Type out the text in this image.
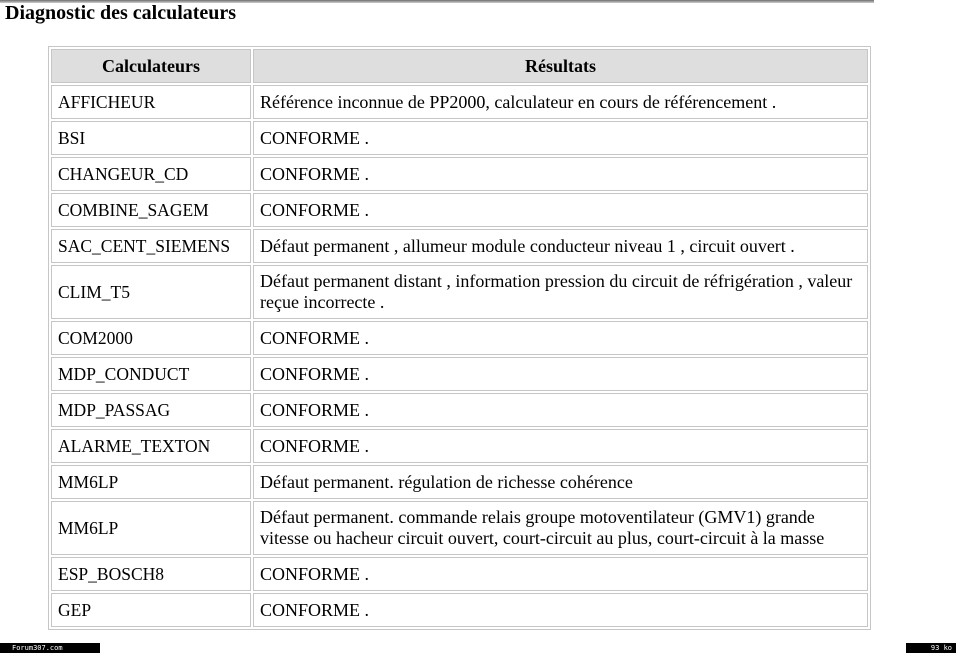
Diagnostic des calculateurs
Calculateurs	Résultats
AFFICHEUR	Référence inconnue de PP2000, calculateur en cours de référencement .
BSI	CONFORME .
CHANGEUR_CD	CONFORME .
COMBINE_SAGEM	CONFORME .
SAC_CENT_SIEMENS	Défaut permanent , allumeur module conducteur niveau 1 , circuit ouvert .
CLIM_T5	Défaut permanent distant , information pression du circuit de réfrigération , valeur reçue incorrecte .
COM2000	CONFORME .
MDP_CONDUCT	CONFORME .
MDP_PASSAG	CONFORME .
ALARME_TEXTON	CONFORME .
MM6LP	Défaut permanent. régulation de richesse cohérence
MM6LP	Défaut permanent. commande relais groupe motoventilateur (GMV1) grande vitesse ou hacheur circuit ouvert, court-circuit au plus, court-circuit à la masse
ESP_BOSCH8	CONFORME .
GEP	CONFORME .
Forum307.com	93 ko
